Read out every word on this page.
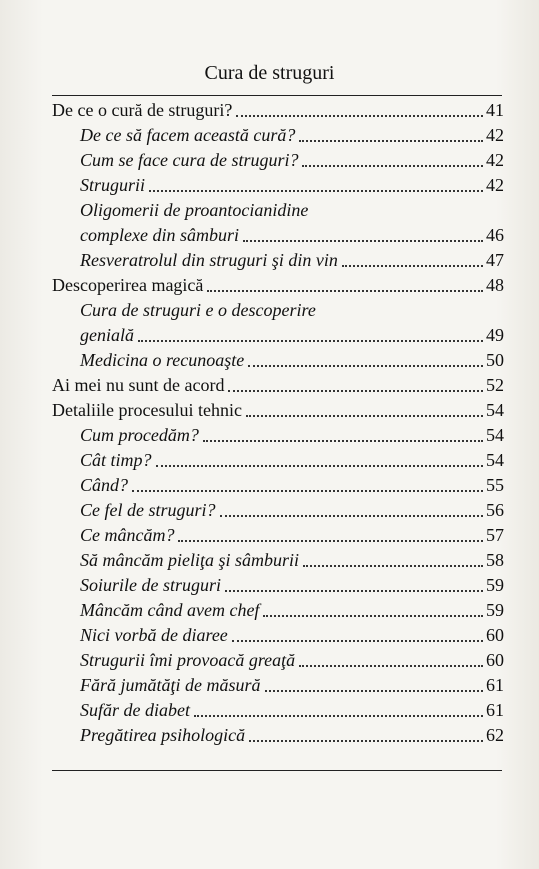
Cura de struguri
De ce o cură de struguri?	41
De ce să facem această cură?	42
Cum se face cura de struguri?	42
Strugurii	42
Oligomerii de proantocianidine
complexe din sâmburi	46
Resveratrolul din struguri şi din vin	47
Descoperirea magică	48
Cura de struguri e o descoperire
genială	49
Medicina o recunoaşte	50
Ai mei nu sunt de acord	52
Detaliile procesului tehnic	54
Cum procedăm?	54
Cât timp?	54
Când?	55
Ce fel de struguri?	56
Ce mâncăm?	57
Să mâncăm pieliţa şi sâmburii	58
Soiurile de struguri	59
Mâncăm când avem chef	59
Nici vorbă de diaree	60
Strugurii îmi provoacă greaţă	60
Fără jumătăţi de măsură	61
Sufăr de diabet	61
Pregătirea psihologică	62
